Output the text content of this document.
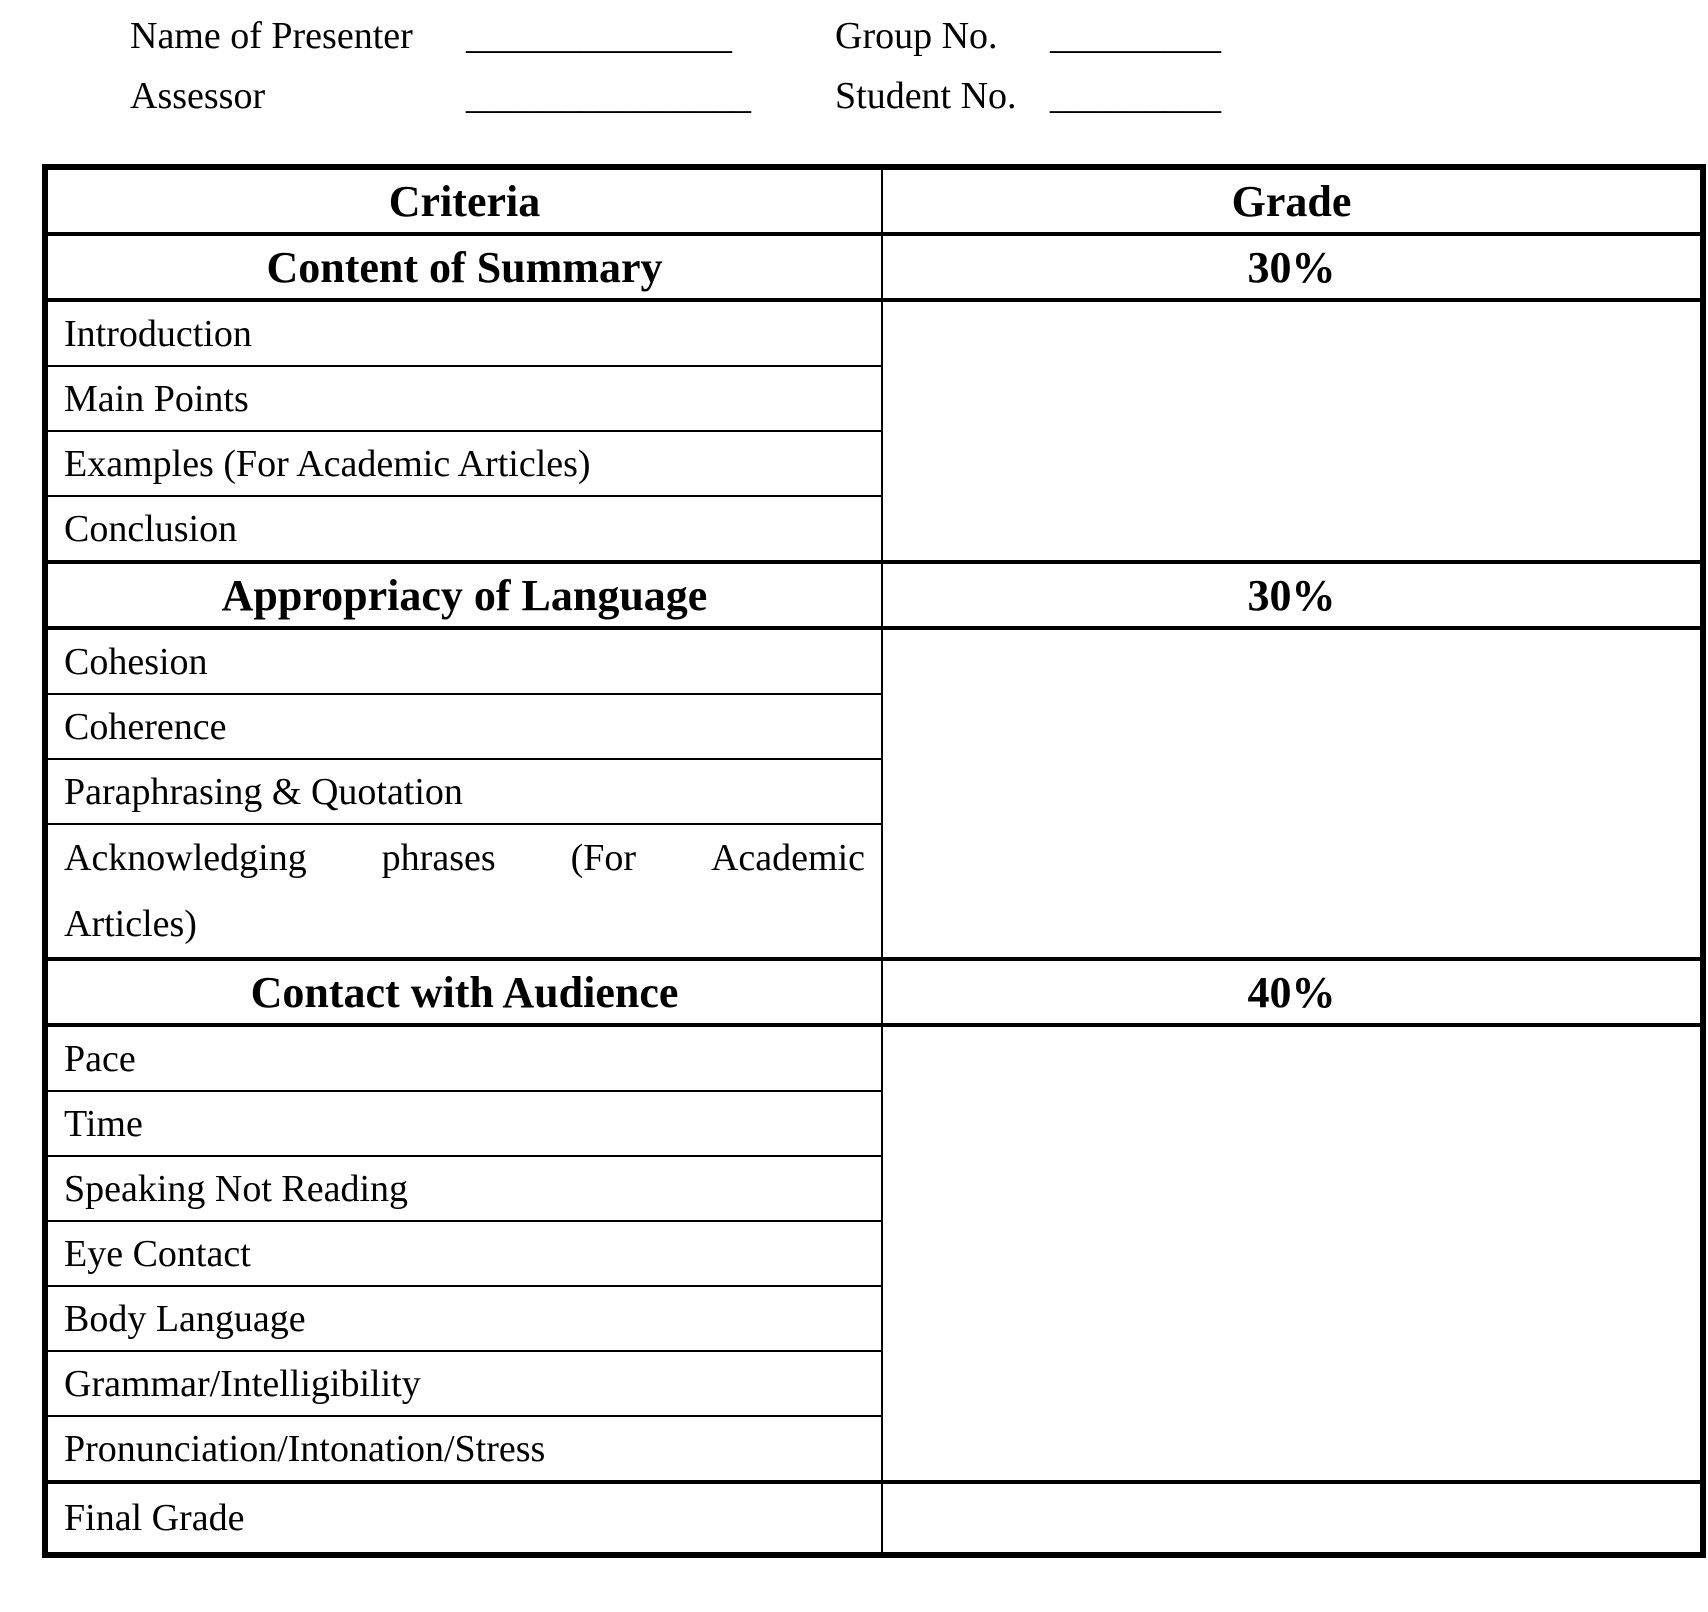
Name of Presenter	______________	Group No.	_________
Assessor	_______________	Student No. _________
Criteria	Grade
Content of Summary	30%
Introduction	
Main Points	
Examples (For Academic Articles)	
Conclusion	
Appropriacy of Language	30%
Cohesion	
Coherence	
Paraphrasing & Quotation	

Acknowledging phrases (For Academic
Articles)	

Contact with Audience	40%
Pace	
Time	
Speaking Not Reading	
Eye Contact	
Body Language	
Grammar/Intelligibility	
Pronunciation/Intonation/Stress	
Final Grade	
